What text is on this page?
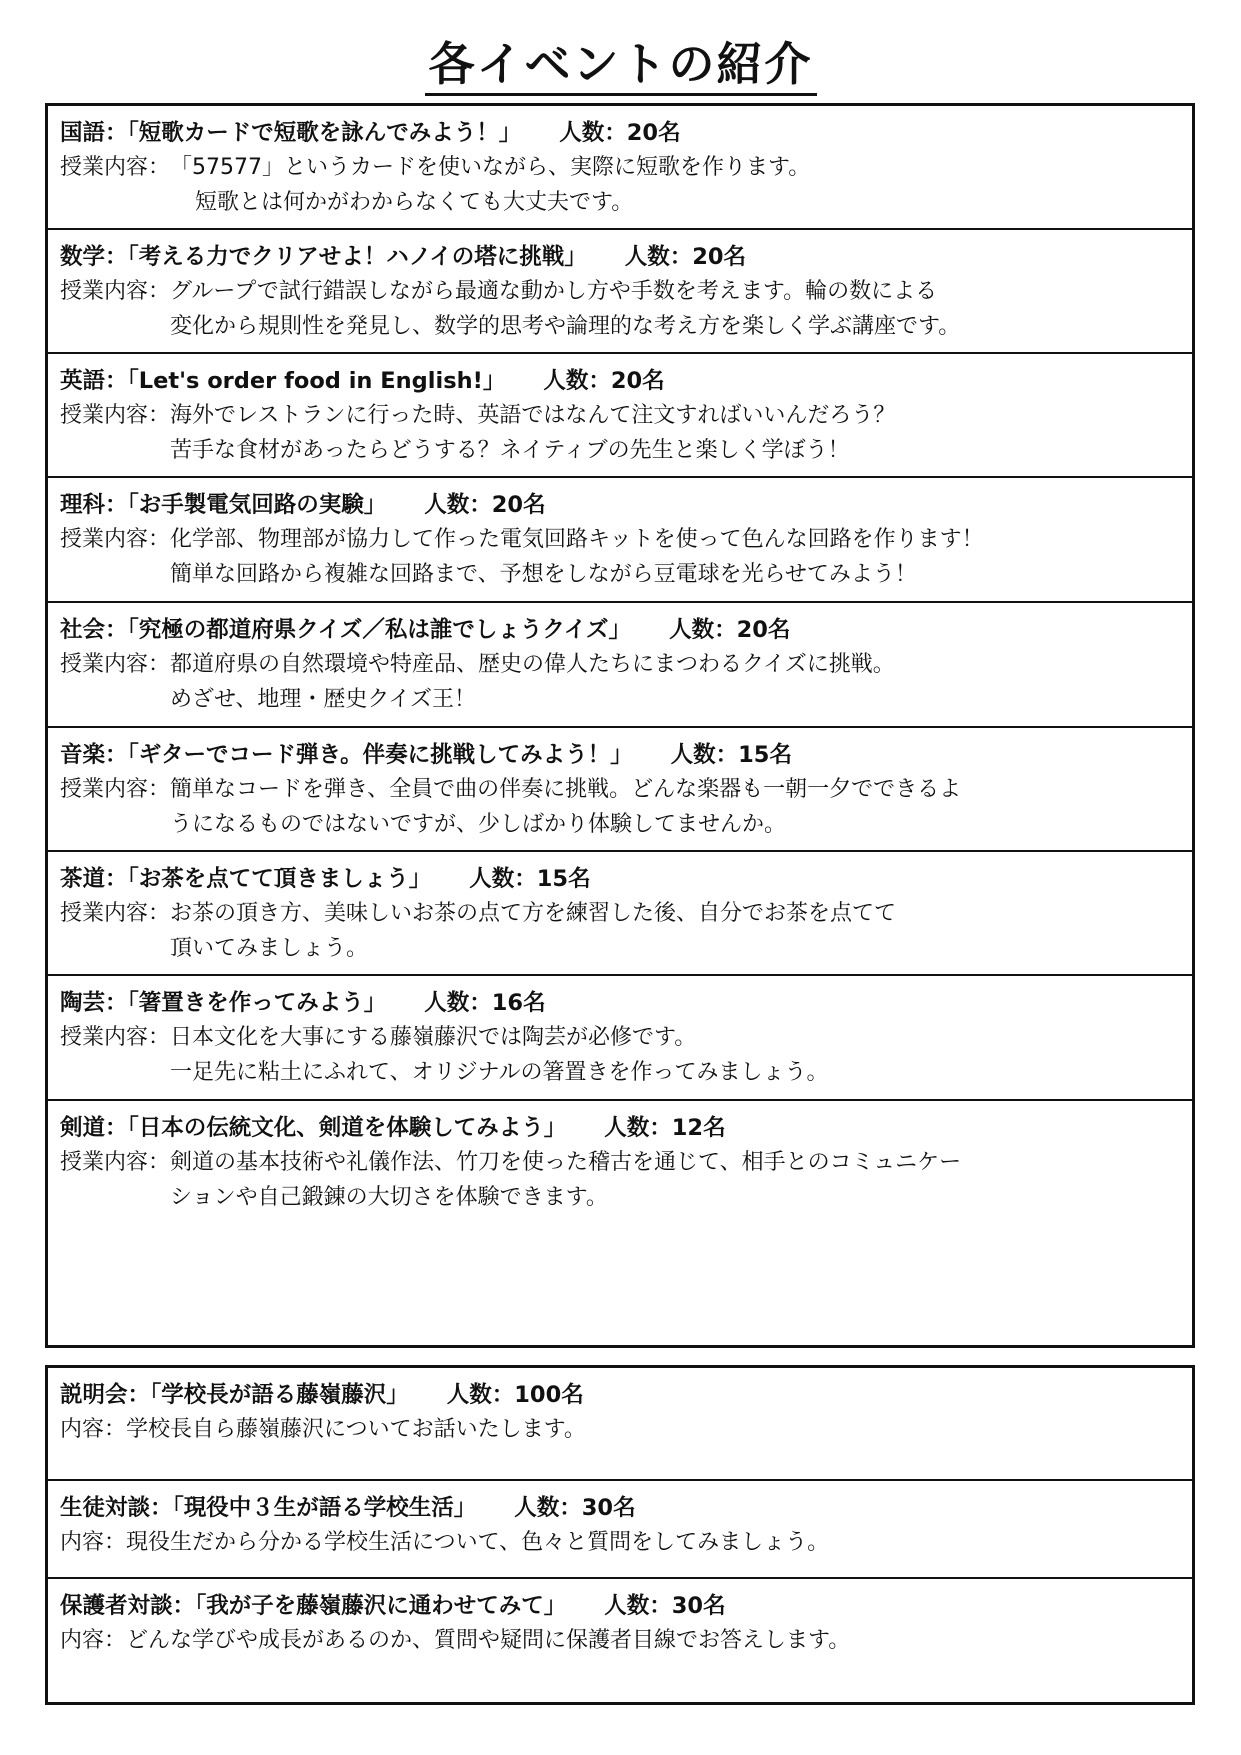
各イベントの紹介
国語：「短歌カードで短歌を詠んでみよう！」 人数：20名
授業内容： 「57577」というカードを使いながら、実際に短歌を作ります。
短歌とは何かがわからなくても大丈夫です。
数学：「考える力でクリアせよ！ハノイの塔に挑戦」 人数：20名
授業内容： グループで試行錯誤しながら最適な動かし方や手数を考えます。輪の数による
変化から規則性を発見し、数学的思考や論理的な考え方を楽しく学ぶ講座です。
英語：「Let's order food in English!」 人数：20名
授業内容： 海外でレストランに行った時、英語ではなんて注文すればいいんだろう？
苦手な食材があったらどうする？ネイティブの先生と楽しく学ぼう！
理科：「お手製電気回路の実験」 人数：20名
授業内容： 化学部、物理部が協力して作った電気回路キットを使って色んな回路を作ります！
簡単な回路から複雑な回路まで、予想をしながら豆電球を光らせてみよう！
社会：「究極の都道府県クイズ／私は誰でしょうクイズ」 人数：20名
授業内容： 都道府県の自然環境や特産品、歴史の偉人たちにまつわるクイズに挑戦。
めざせ、地理・歴史クイズ王！
音楽：「ギターでコード弾き。伴奏に挑戦してみよう！」 人数：15名
授業内容： 簡単なコードを弾き、全員で曲の伴奏に挑戦。どんな楽器も一朝一夕でできるよ
うになるものではないですが、少しばかり体験してませんか。
茶道：「お茶を点てて頂きましょう」 人数：15名
授業内容： お茶の頂き方、美味しいお茶の点て方を練習した後、自分でお茶を点てて
頂いてみましょう。
陶芸：「箸置きを作ってみよう」 人数：16名
授業内容： 日本文化を大事にする藤嶺藤沢では陶芸が必修です。
一足先に粘土にふれて、オリジナルの箸置きを作ってみましょう。
剣道：「日本の伝統文化、剣道を体験してみよう」 人数：12名
授業内容： 剣道の基本技術や礼儀作法、竹刀を使った稽古を通じて、相手とのコミュニケー
ションや自己鍛錬の大切さを体験できます。
説明会：「学校長が語る藤嶺藤沢」 人数：100名
内容： 学校長自ら藤嶺藤沢についてお話いたします。
生徒対談：「現役中３生が語る学校生活」 人数：30名
内容： 現役生だから分かる学校生活について、色々と質問をしてみましょう。
保護者対談：「我が子を藤嶺藤沢に通わせてみて」 人数：30名
内容： どんな学びや成長があるのか、質問や疑問に保護者目線でお答えします。
